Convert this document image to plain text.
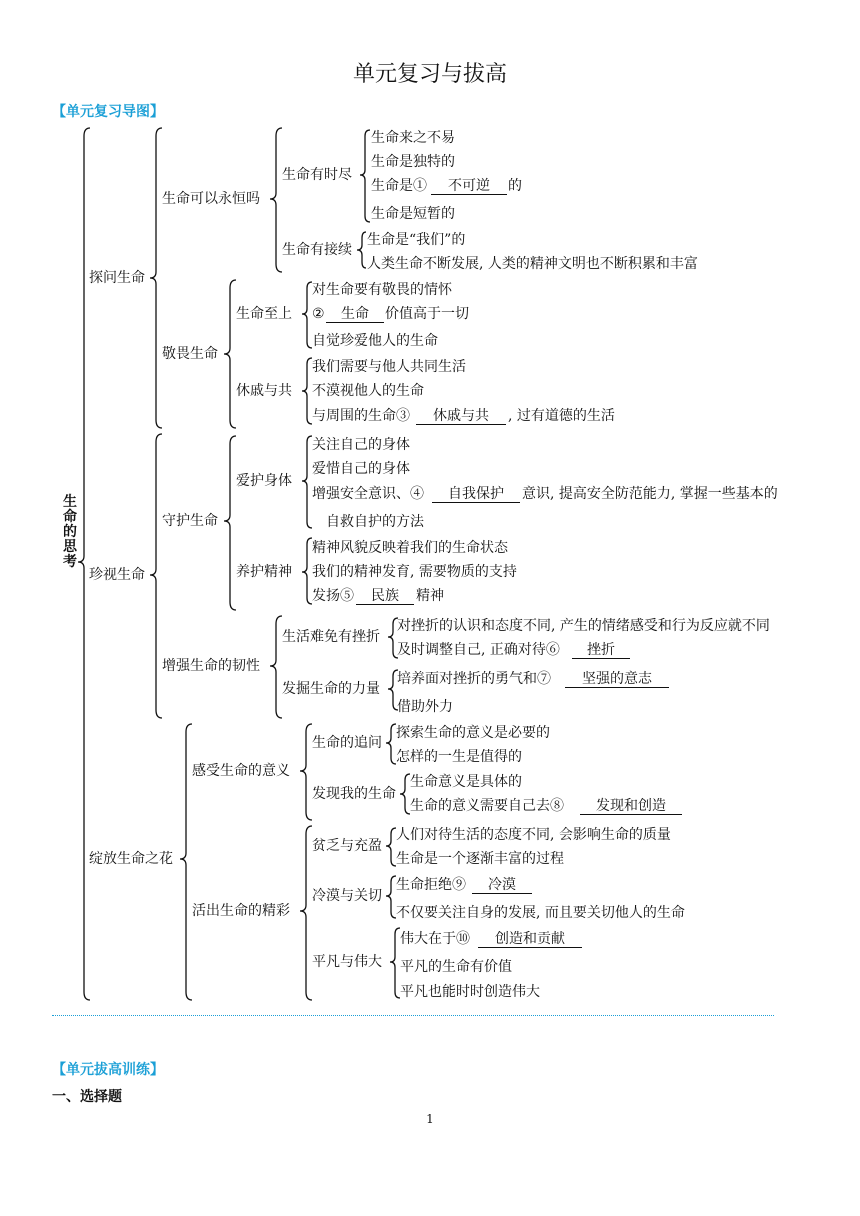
单元复习与拔高
【单元复习导图】
生
命
的
思
考
探问生命
珍视生命
绽放生命之花
生命可以永恒吗
敬畏生命
守护生命
增强生命的韧性
感受生命的意义
活出生命的精彩
生命有时尽
生命有接续
生命至上
休戚与共
爱护身体
养护精神
生活难免有挫折
发掘生命的力量
生命的追问
发现我的生命
贫乏与充盈
冷漠与关切
平凡与伟大
生命来之不易
生命是独特的
生命是①	不可逆	的
生命是短暂的
生命是“我们”的
人类生命不断发展, 人类的精神文明也不断积累和丰富
对生命要有敬畏的情怀
②	生命	价值高于一切
自觉珍爱他人的生命
我们需要与他人共同生活
不漠视他人的生命
与周围的生命③	休戚与共	, 过有道德的生活
关注自己的身体
爱惜自己的身体
增强安全意识、④	自我保护	意识, 提高安全防范能力, 掌握一些基本的
自救自护的方法
精神风貌反映着我们的生命状态
我们的精神发育, 需要物质的支持
发扬⑤	民族	精神
对挫折的认识和态度不同, 产生的情绪感受和行为反应就不同
及时调整自己, 正确对待⑥	挫折
培养面对挫折的勇气和⑦	坚强的意志
借助外力
探索生命的意义是必要的
怎样的一生是值得的
生命意义是具体的
生命的意义需要自己去⑧	发现和创造
人们对待生活的态度不同, 会影响生命的质量
生命是一个逐渐丰富的过程
生命拒绝⑨	冷漠
不仅要关注自身的发展, 而且要关切他人的生命
伟大在于⑩	创造和贡献
平凡的生命有价值
平凡也能时时创造伟大
【单元拔高训练】
一、选择题
1
